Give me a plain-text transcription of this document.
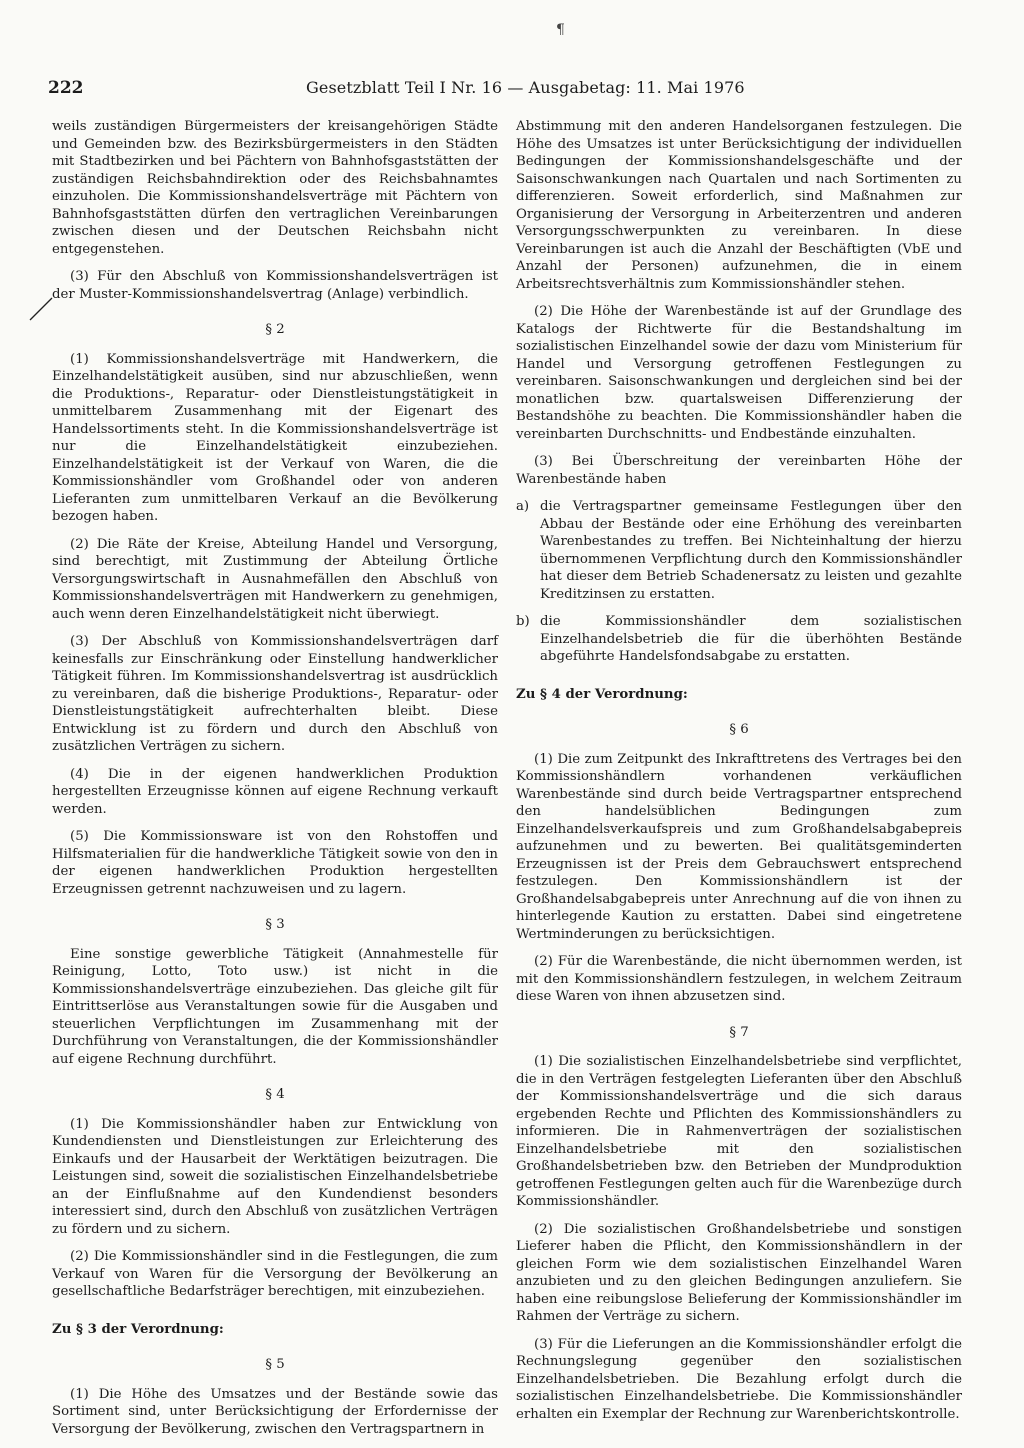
¶
222	Gesetzblatt Teil I Nr. 16 — Ausgabetag: 11. Mai 1976

weils zuständigen Bürgermeisters der kreisangehörigen Städte und Gemeinden bzw. des Bezirksbürgermeisters in den Städten mit Stadtbezirken und bei Pächtern von Bahnhofsgaststätten der zuständigen Reichsbahndirektion oder des Reichsbahnamtes einzuholen. Die Kommissionshandelsverträge mit Pächtern von Bahnhofsgaststätten dürfen den vertraglichen Vereinbarungen zwischen diesen und der Deutschen Reichsbahn nicht entgegenstehen.

(3) Für den Abschluß von Kommissionshandelsverträgen ist der Muster-Kommissionshandelsvertrag (Anlage) verbindlich.

§ 2

(1) Kommissionshandelsverträge mit Handwerkern, die Einzelhandelstätigkeit ausüben, sind nur abzuschließen, wenn die Produktions-, Reparatur- oder Dienstleistungstätigkeit in unmittelbarem Zusammenhang mit der Eigenart des Handelssortiments steht. In die Kommissionshandelsverträge ist nur die Einzelhandelstätigkeit einzubeziehen. Einzelhandelstätigkeit ist der Verkauf von Waren, die die Kommissionshändler vom Großhandel oder von anderen Lieferanten zum unmittelbaren Verkauf an die Bevölkerung bezogen haben.

(2) Die Räte der Kreise, Abteilung Handel und Versorgung, sind berechtigt, mit Zustimmung der Abteilung Örtliche Versorgungswirtschaft in Ausnahmefällen den Abschluß von Kommissionshandelsverträgen mit Handwerkern zu genehmigen, auch wenn deren Einzelhandelstätigkeit nicht überwiegt.

(3) Der Abschluß von Kommissionshandelsverträgen darf keinesfalls zur Einschränkung oder Einstellung handwerklicher Tätigkeit führen. Im Kommissionshandelsvertrag ist ausdrücklich zu vereinbaren, daß die bisherige Produktions-, Reparatur- oder Dienstleistungstätigkeit aufrechterhalten bleibt. Diese Entwicklung ist zu fördern und durch den Abschluß von zusätzlichen Verträgen zu sichern.

(4) Die in der eigenen handwerklichen Produktion hergestellten Erzeugnisse können auf eigene Rechnung verkauft werden.

(5) Die Kommissionsware ist von den Rohstoffen und Hilfsmaterialien für die handwerkliche Tätigkeit sowie von den in der eigenen handwerklichen Produktion hergestellten Erzeugnissen getrennt nachzuweisen und zu lagern.

§ 3

Eine sonstige gewerbliche Tätigkeit (Annahmestelle für Reinigung, Lotto, Toto usw.) ist nicht in die Kommissionshandelsverträge einzubeziehen. Das gleiche gilt für Eintrittserlöse aus Veranstaltungen sowie für die Ausgaben und steuerlichen Verpflichtungen im Zusammenhang mit der Durchführung von Veranstaltungen, die der Kommissionshändler auf eigene Rechnung durchführt.

§ 4

(1) Die Kommissionshändler haben zur Entwicklung von Kundendiensten und Dienstleistungen zur Erleichterung des Einkaufs und der Hausarbeit der Werktätigen beizutragen. Die Leistungen sind, soweit die sozialistischen Einzelhandelsbetriebe an der Einflußnahme auf den Kundendienst besonders interessiert sind, durch den Abschluß von zusätzlichen Verträgen zu fördern und zu sichern.

(2) Die Kommissionshändler sind in die Festlegungen, die zum Verkauf von Waren für die Versorgung der Bevölkerung an gesellschaftliche Bedarfsträger berechtigen, mit einzubeziehen.

Zu § 3 der Verordnung:
§ 5

(1) Die Höhe des Umsatzes und der Bestände sowie das Sortiment sind, unter Berücksichtigung der Erfordernisse der Versorgung der Bevölkerung, zwischen den Vertragspartnern in

Abstimmung mit den anderen Handelsorganen festzulegen. Die Höhe des Umsatzes ist unter Berücksichtigung der individuellen Bedingungen der Kommissionshandelsgeschäfte und der Saisonschwankungen nach Quartalen und nach Sortimenten zu differenzieren. Soweit erforderlich, sind Maßnahmen zur Organisierung der Versorgung in Arbeiterzentren und anderen Versorgungsschwerpunkten zu vereinbaren. In diese Vereinbarungen ist auch die Anzahl der Beschäftigten (VbE und Anzahl der Personen) aufzunehmen, die in einem Arbeitsrechtsverhältnis zum Kommissionshändler stehen.

(2) Die Höhe der Warenbestände ist auf der Grundlage des Katalogs der Richtwerte für die Bestandshaltung im sozialistischen Einzelhandel sowie der dazu vom Ministerium für Handel und Versorgung getroffenen Festlegungen zu vereinbaren. Saisonschwankungen und dergleichen sind bei der monatlichen bzw. quartalsweisen Differenzierung der Bestandshöhe zu beachten. Die Kommissionshändler haben die vereinbarten Durchschnitts- und Endbestände einzuhalten.

(3) Bei Überschreitung der vereinbarten Höhe der Warenbestände haben

a) die Vertragspartner gemeinsame Festlegungen über den Abbau der Bestände oder eine Erhöhung des vereinbarten Warenbestandes zu treffen. Bei Nichteinhaltung der hierzu übernommenen Verpflichtung durch den Kommissionshändler hat dieser dem Betrieb Schadenersatz zu leisten und gezahlte Kreditzinsen zu erstatten.
b) die Kommissionshändler dem sozialistischen Einzelhandelsbetrieb die für die überhöhten Bestände abgeführte Handelsfondsabgabe zu erstatten.
Zu § 4 der Verordnung:
§ 6

(1) Die zum Zeitpunkt des Inkrafttretens des Vertrages bei den Kommissionshändlern vorhandenen verkäuflichen Warenbestände sind durch beide Vertragspartner entsprechend den handelsüblichen Bedingungen zum Einzelhandelsverkaufspreis und zum Großhandelsabgabepreis aufzunehmen und zu bewerten. Bei qualitätsgeminderten Erzeugnissen ist der Preis dem Gebrauchswert entsprechend festzulegen. Den Kommissionshändlern ist der Großhandelsabgabepreis unter Anrechnung auf die von ihnen zu hinterlegende Kaution zu erstatten. Dabei sind eingetretene Wertminderungen zu berücksichtigen.

(2) Für die Warenbestände, die nicht übernommen werden, ist mit den Kommissionshändlern festzulegen, in welchem Zeitraum diese Waren von ihnen abzusetzen sind.

§ 7

(1) Die sozialistischen Einzelhandelsbetriebe sind verpflichtet, die in den Verträgen festgelegten Lieferanten über den Abschluß der Kommissionshandelsverträge und die sich daraus ergebenden Rechte und Pflichten des Kommissionshändlers zu informieren. Die in Rahmenverträgen der sozialistischen Einzelhandelsbetriebe mit den sozialistischen Großhandelsbetrieben bzw. den Betrieben der Mundproduktion getroffenen Festlegungen gelten auch für die Warenbezüge durch Kommissionshändler.

(2) Die sozialistischen Großhandelsbetriebe und sonstigen Lieferer haben die Pflicht, den Kommissionshändlern in der gleichen Form wie dem sozialistischen Einzelhandel Waren anzubieten und zu den gleichen Bedingungen anzuliefern. Sie haben eine reibungslose Belieferung der Kommissionshändler im Rahmen der Verträge zu sichern.

(3) Für die Lieferungen an die Kommissionshändler erfolgt die Rechnungslegung gegenüber den sozialistischen Einzelhandelsbetrieben. Die Bezahlung erfolgt durch die sozialistischen Einzelhandelsbetriebe. Die Kommissionshändler erhalten ein Exemplar der Rechnung zur Warenberichtskontrolle.
